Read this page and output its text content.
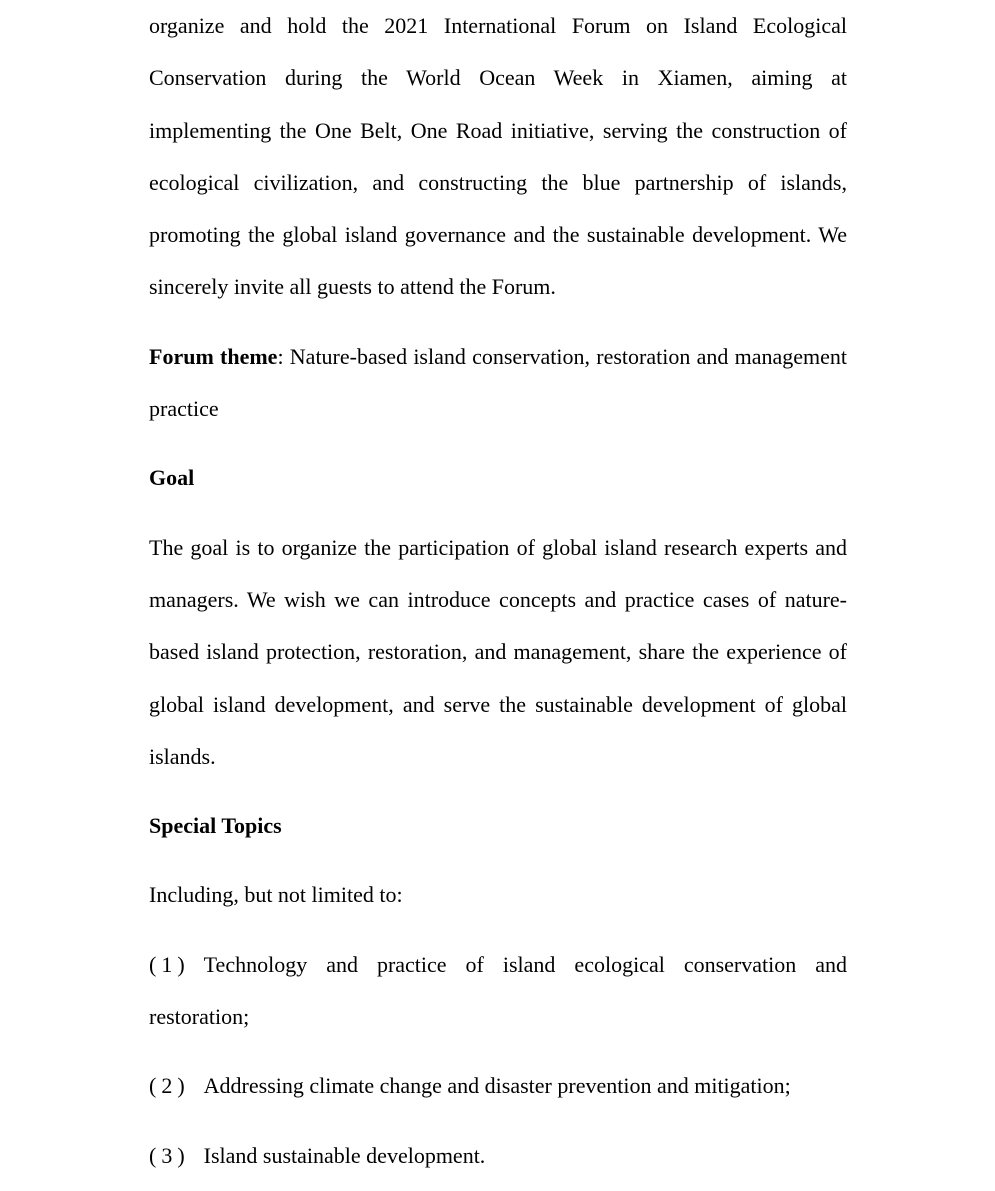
organize and hold the 2021 International Forum on Island Ecological Conservation during the World Ocean Week in Xiamen, aiming at implementing the One Belt, One Road initiative, serving the construction of ecological civilization, and constructing the blue partnership of islands, promoting the global island governance and the sustainable development. We sincerely invite all guests to attend the Forum.

Forum theme: Nature-based island conservation, restoration and management practice

Goal

The goal is to organize the participation of global island research experts and managers. We wish we can introduce concepts and practice cases of nature-based island protection, restoration, and management, share the experience of global island development, and serve the sustainable development of global islands.

Special Topics

Including, but not limited to:

(1) Technology and practice of island ecological conservation and restoration;

(2) Addressing climate change and disaster prevention and mitigation;

(3) Island sustainable development.
